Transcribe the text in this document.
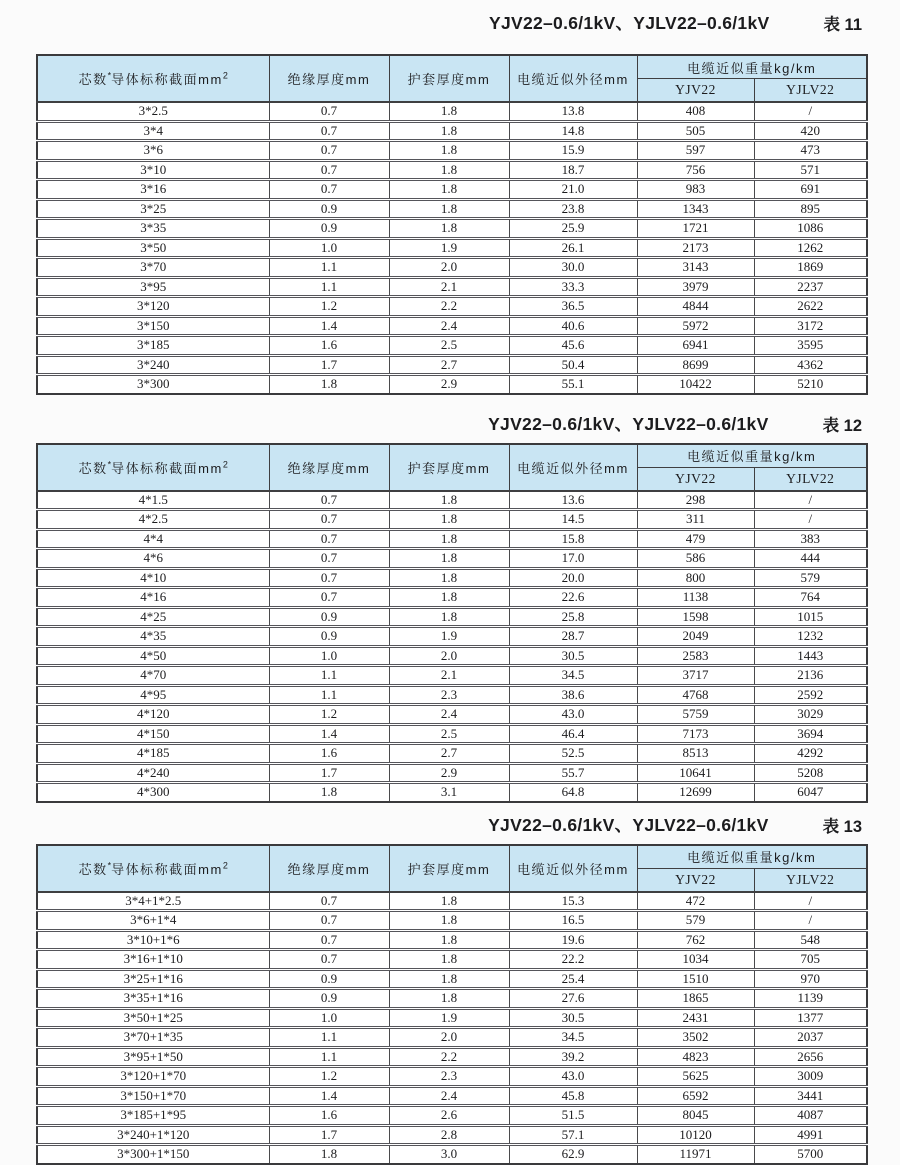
YJV22–0.6/1kV、YJLV22–0.6/1kV	表 11
芯数*导体标称截面$mm^2$	绝缘厚度mm	护套厚度mm	电缆近似外径mm	电缆近似重量kg/km	
				YJV22	YJLV22
3*2.5	0.7	1.8	13.8	408	/
3*4	0.7	1.8	14.8	505	420
3*6	0.7	1.8	15.9	597	473
3*10	0.7	1.8	18.7	756	571
3*16	0.7	1.8	21.0	983	691
3*25	0.9	1.8	23.8	1343	895
3*35	0.9	1.8	25.9	1721	1086
3*50	1.0	1.9	26.1	2173	1262
3*70	1.1	2.0	30.0	3143	1869
3*95	1.1	2.1	33.3	3979	2237
3*120	1.2	2.2	36.5	4844	2622
3*150	1.4	2.4	40.6	5972	3172
3*185	1.6	2.5	45.6	6941	3595
3*240	1.7	2.7	50.4	8699	4362
3*300	1.8	2.9	55.1	10422	5210
YJV22–0.6/1kV、YJLV22–0.6/1kV	表 12
芯数*导体标称截面$mm^2$	绝缘厚度mm	护套厚度mm	电缆近似外径mm	电缆近似重量kg/km	
				YJV22	YJLV22
4*1.5	0.7	1.8	13.6	298	/
4*2.5	0.7	1.8	14.5	311	/
4*4	0.7	1.8	15.8	479	383
4*6	0.7	1.8	17.0	586	444
4*10	0.7	1.8	20.0	800	579
4*16	0.7	1.8	22.6	1138	764
4*25	0.9	1.8	25.8	1598	1015
4*35	0.9	1.9	28.7	2049	1232
4*50	1.0	2.0	30.5	2583	1443
4*70	1.1	2.1	34.5	3717	2136
4*95	1.1	2.3	38.6	4768	2592
4*120	1.2	2.4	43.0	5759	3029
4*150	1.4	2.5	46.4	7173	3694
4*185	1.6	2.7	52.5	8513	4292
4*240	1.7	2.9	55.7	10641	5208
4*300	1.8	3.1	64.8	12699	6047
YJV22–0.6/1kV、YJLV22–0.6/1kV	表 13
芯数*导体标称截面$mm^2$	绝缘厚度mm	护套厚度mm	电缆近似外径mm	电缆近似重量kg/km	
				YJV22	YJLV22
3*4+1*2.5	0.7	1.8	15.3	472	/
3*6+1*4	0.7	1.8	16.5	579	/
3*10+1*6	0.7	1.8	19.6	762	548
3*16+1*10	0.7	1.8	22.2	1034	705
3*25+1*16	0.9	1.8	25.4	1510	970
3*35+1*16	0.9	1.8	27.6	1865	1139
3*50+1*25	1.0	1.9	30.5	2431	1377
3*70+1*35	1.1	2.0	34.5	3502	2037
3*95+1*50	1.1	2.2	39.2	4823	2656
3*120+1*70	1.2	2.3	43.0	5625	3009
3*150+1*70	1.4	2.4	45.8	6592	3441
3*185+1*95	1.6	2.6	51.5	8045	4087
3*240+1*120	1.7	2.8	57.1	10120	4991
3*300+1*150	1.8	3.0	62.9	11971	5700
